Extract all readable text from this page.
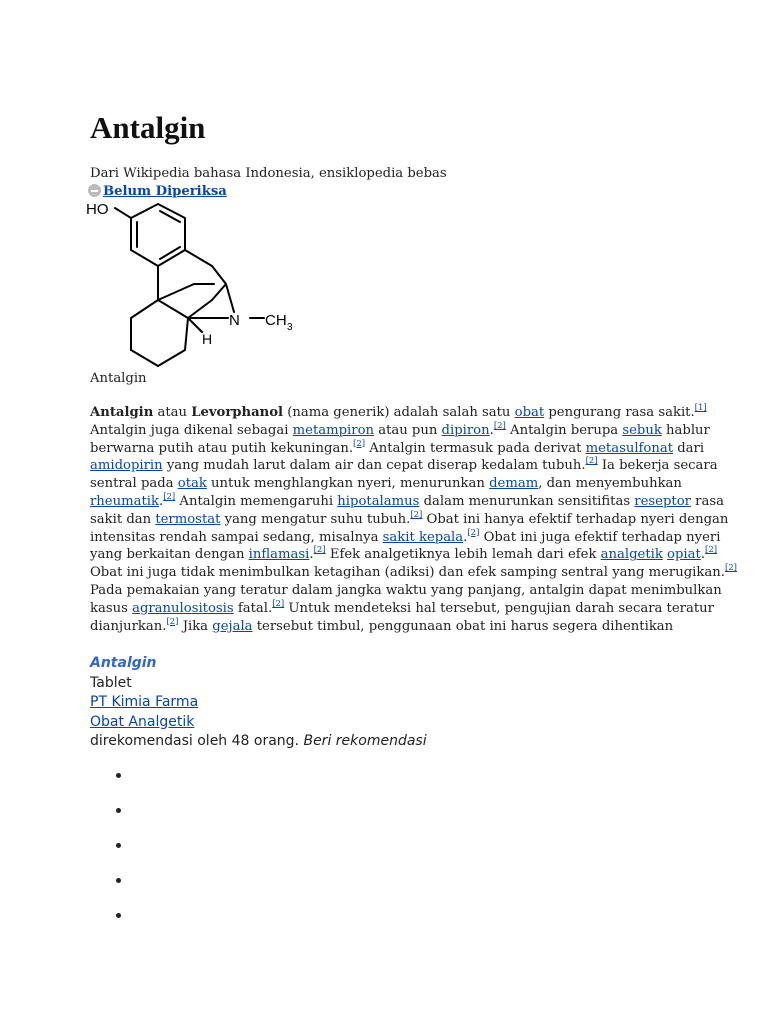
Antalgin
Dari Wikipedia bahasa Indonesia, ensiklopedia bebas
Belum Diperiksa
HO
N CH 3
H
Antalgin
Antalgin atau Levorphanol (nama generik) adalah salah satu obat pengurang rasa sakit.[1]
Antalgin juga dikenal sebagai metampiron atau pun dipiron.[2] Antalgin berupa sebuk hablur
berwarna putih atau putih kekuningan.[2] Antalgin termasuk pada derivat metasulfonat dari
amidopirin yang mudah larut dalam air dan cepat diserap kedalam tubuh.[2] Ia bekerja secara
sentral pada otak untuk menghlangkan nyeri, menurunkan demam, dan menyembuhkan
rheumatik.[2] Antalgin memengaruhi hipotalamus dalam menurunkan sensitifitas reseptor rasa
sakit dan termostat yang mengatur suhu tubuh.[2] Obat ini hanya efektif terhadap nyeri dengan
intensitas rendah sampai sedang, misalnya sakit kepala.[2] Obat ini juga efektif terhadap nyeri
yang berkaitan dengan inflamasi.[2] Efek analgetiknya lebih lemah dari efek analgetik opiat.[2]
Obat ini juga tidak menimbulkan ketagihan (adiksi) dan efek samping sentral yang merugikan.[2]
Pada pemakaian yang teratur dalam jangka waktu yang panjang, antalgin dapat menimbulkan
kasus agranulositosis fatal.[2] Untuk mendeteksi hal tersebut, pengujian darah secara teratur
dianjurkan.[2] Jika gejala tersebut timbul, penggunaan obat ini harus segera dihentikan
Antalgin
Tablet
PT Kimia Farma
Obat Analgetik
direkomendasi oleh 48 orang. Beri rekomendasi
